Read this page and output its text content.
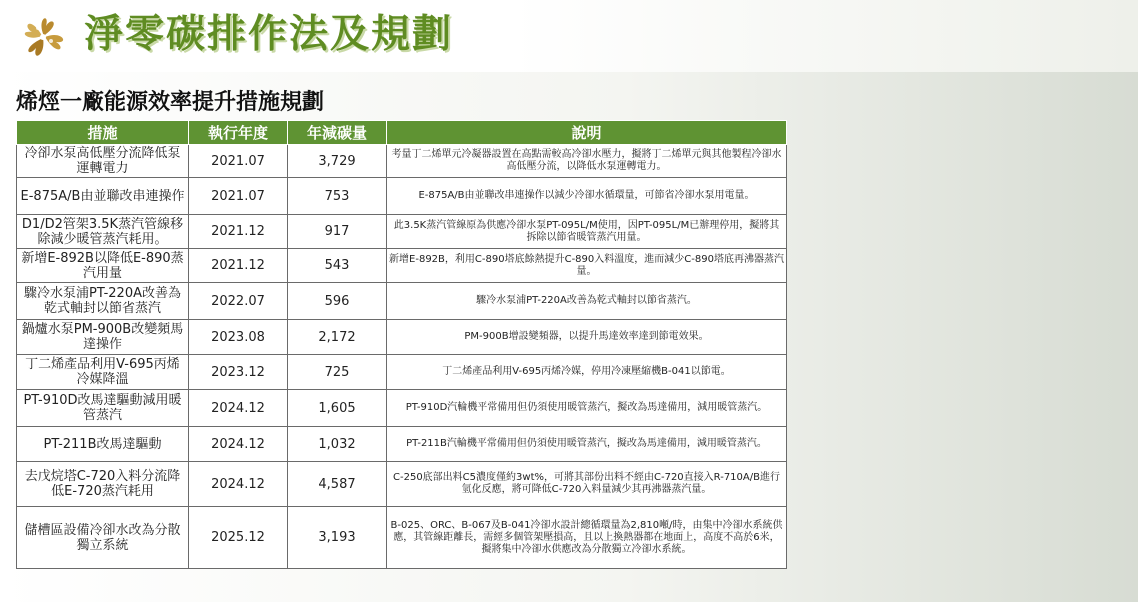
淨零碳排作法及規劃
烯烴一廠能源效率提升措施規劃
措施	執行年度	年減碳量	說明
冷卻水泵高低壓分流降低泵運轉電力	2021.07	3,729	考量丁二烯單元冷凝器設置在高點需較高冷卻水壓力，擬將丁二烯單元與其他製程冷卻水高低壓分流，以降低水泵運轉電力。
E-875A/B由並聯改串連操作	2021.07	753	E-875A/B由並聯改串連操作以減少冷卻水循環量，可節省冷卻水泵用電量。
D1/D2管架3.5K蒸汽管線移除減少暖管蒸汽耗用。	2021.12	917	此3.5K蒸汽管線原為供應冷卻水泵PT-095L/M使用，因PT-095L/M已辦理停用，擬將其拆除以節省暖管蒸汽用量。
新增E-892B以降低E-890蒸汽用量	2021.12	543	新增E-892B，利用C-890塔底餘熱提升C-890入料溫度，進而減少C-890塔底再沸器蒸汽量。
驟冷水泵浦PT-220A改善為乾式軸封以節省蒸汽	2022.07	596	驟冷水泵浦PT-220A改善為乾式軸封以節省蒸汽。
鍋爐水泵PM-900B改變頻馬達操作	2023.08	2,172	PM-900B增設變頻器，以提升馬達效率達到節電效果。
丁二烯產品利用V-695丙烯冷媒降溫	2023.12	725	丁二烯產品利用V-695丙烯冷媒，停用冷凍壓縮機B-041以節電。
PT-910D改馬達驅動減用暖管蒸汽	2024.12	1,605	PT-910D汽輪機平常備用但仍須使用暖管蒸汽，擬改為馬達備用，減用暖管蒸汽。
PT-211B改馬達驅動	2024.12	1,032	PT-211B汽輪機平常備用但仍須使用暖管蒸汽，擬改為馬達備用，減用暖管蒸汽。
去戊烷塔C-720入料分流降低E-720蒸汽耗用	2024.12	4,587	C-250底部出料C5濃度僅約3wt%，可將其部份出料不經由C-720直接入R-710A/B進行氫化反應，將可降低C-720入料量減少其再沸器蒸汽量。
儲槽區設備冷卻水改為分散獨立系統	2025.12	3,193	B-025、ORC、B-067及B-041冷卻水設計總循環量為2,810噸/時，由集中冷卻水系統供應，其管線距離長，需經多個管架壓損高，且以上換熱器都在地面上，高度不高於6米，擬將集中冷卻水供應改為分散獨立冷卻水系統。
